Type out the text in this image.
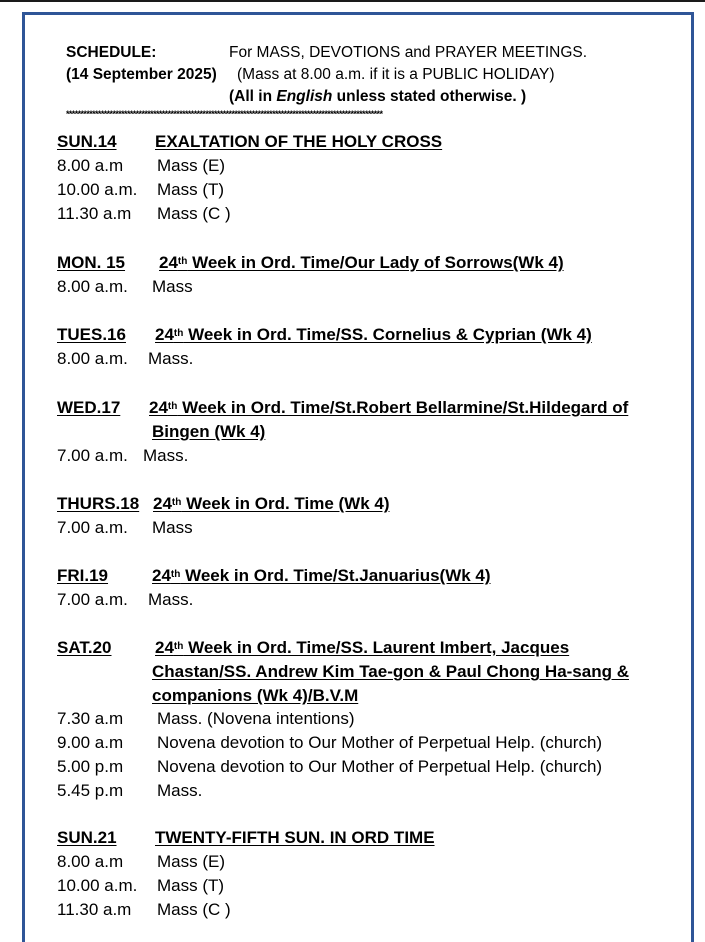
SCHEDULE:	For MASS, DEVOTIONS and PRAYER MEETINGS.
(14 September 2025) (Mass at 8.00 a.m. if it is a PUBLIC HOLIDAY)
(All in English unless stated otherwise. )
*************************************************************************************************************
SUN.14 EXALTATION OF THE HOLY CROSS
8.00 a.m Mass (E)
10.00 a.m. Mass (T)
11.30 a.m Mass (C )
MON. 15 24th Week in Ord. Time/Our Lady of Sorrows(Wk 4)
8.00 a.m. Mass
TUES.16 24th Week in Ord. Time/SS. Cornelius & Cyprian (Wk 4)
8.00 a.m. Mass.
WED.17 24th Week in Ord. Time/St.Robert Bellarmine/St.Hildegard of
Bingen (Wk 4)
7.00 a.m. Mass.
THURS.18 24th Week in Ord. Time (Wk 4)
7.00 a.m. Mass
FRI.19	24th Week in Ord. Time/St.Januarius(Wk 4)
7.00 a.m. Mass.
SAT.20	24th Week in Ord. Time/SS. Laurent Imbert, Jacques
Chastan/SS. Andrew Kim Tae-gon & Paul Chong Ha-sang &
companions (Wk 4)/B.V.M
7.30 a.m Mass. (Novena intentions)
9.00 a.m Novena devotion to Our Mother of Perpetual Help. (church)
5.00 p.m Novena devotion to Our Mother of Perpetual Help. (church)
5.45 p.m Mass.
SUN.21 TWENTY-FIFTH SUN. IN ORD TIME
8.00 a.m Mass (E)
10.00 a.m. Mass (T)
11.30 a.m Mass (C )
